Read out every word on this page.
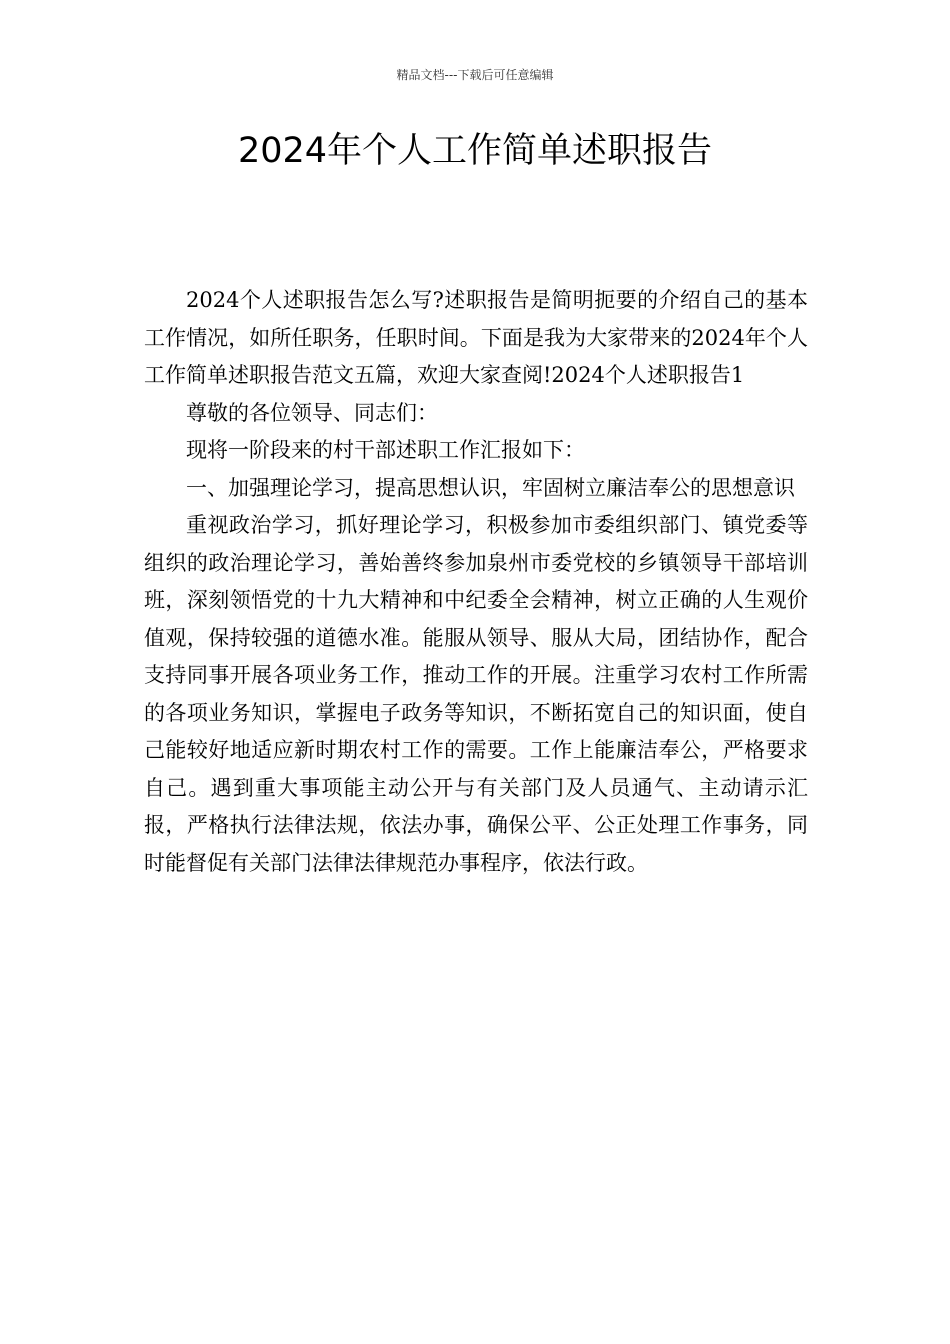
精品文档---下载后可任意编辑
2024年个人工作简单述职报告

2024个人述职报告怎么写?述职报告是简明扼要的介绍自己的基本工作情况，如所任职务，任职时间。下面是我为大家带来的2024年个人工作简单述职报告范文五篇，欢迎大家查阅!2024个人述职报告1

尊敬的各位领导、同志们：

现将一阶段来的村干部述职工作汇报如下：

一、加强理论学习，提高思想认识，牢固树立廉洁奉公的思想意识

重视政治学习，抓好理论学习，积极参加市委组织部门、镇党委等组织的政治理论学习，善始善终参加泉州市委党校的乡镇领导干部培训班，深刻领悟党的十九大精神和中纪委全会精神，树立正确的人生观价值观，保持较强的道德水准。能服从领导、服从大局，团结协作，配合支持同事开展各项业务工作，推动工作的开展。注重学习农村工作所需的各项业务知识，掌握电子政务等知识，不断拓宽自己的知识面，使自己能较好地适应新时期农村工作的需要。工作上能廉洁奉公，严格要求自己。遇到重大事项能主动公开与有关部门及人员通气、主动请示汇报，严格执行法律法规，依法办事，确保公平、公正处理工作事务，同时能督促有关部门法律法律规范办事程序，依法行政。
